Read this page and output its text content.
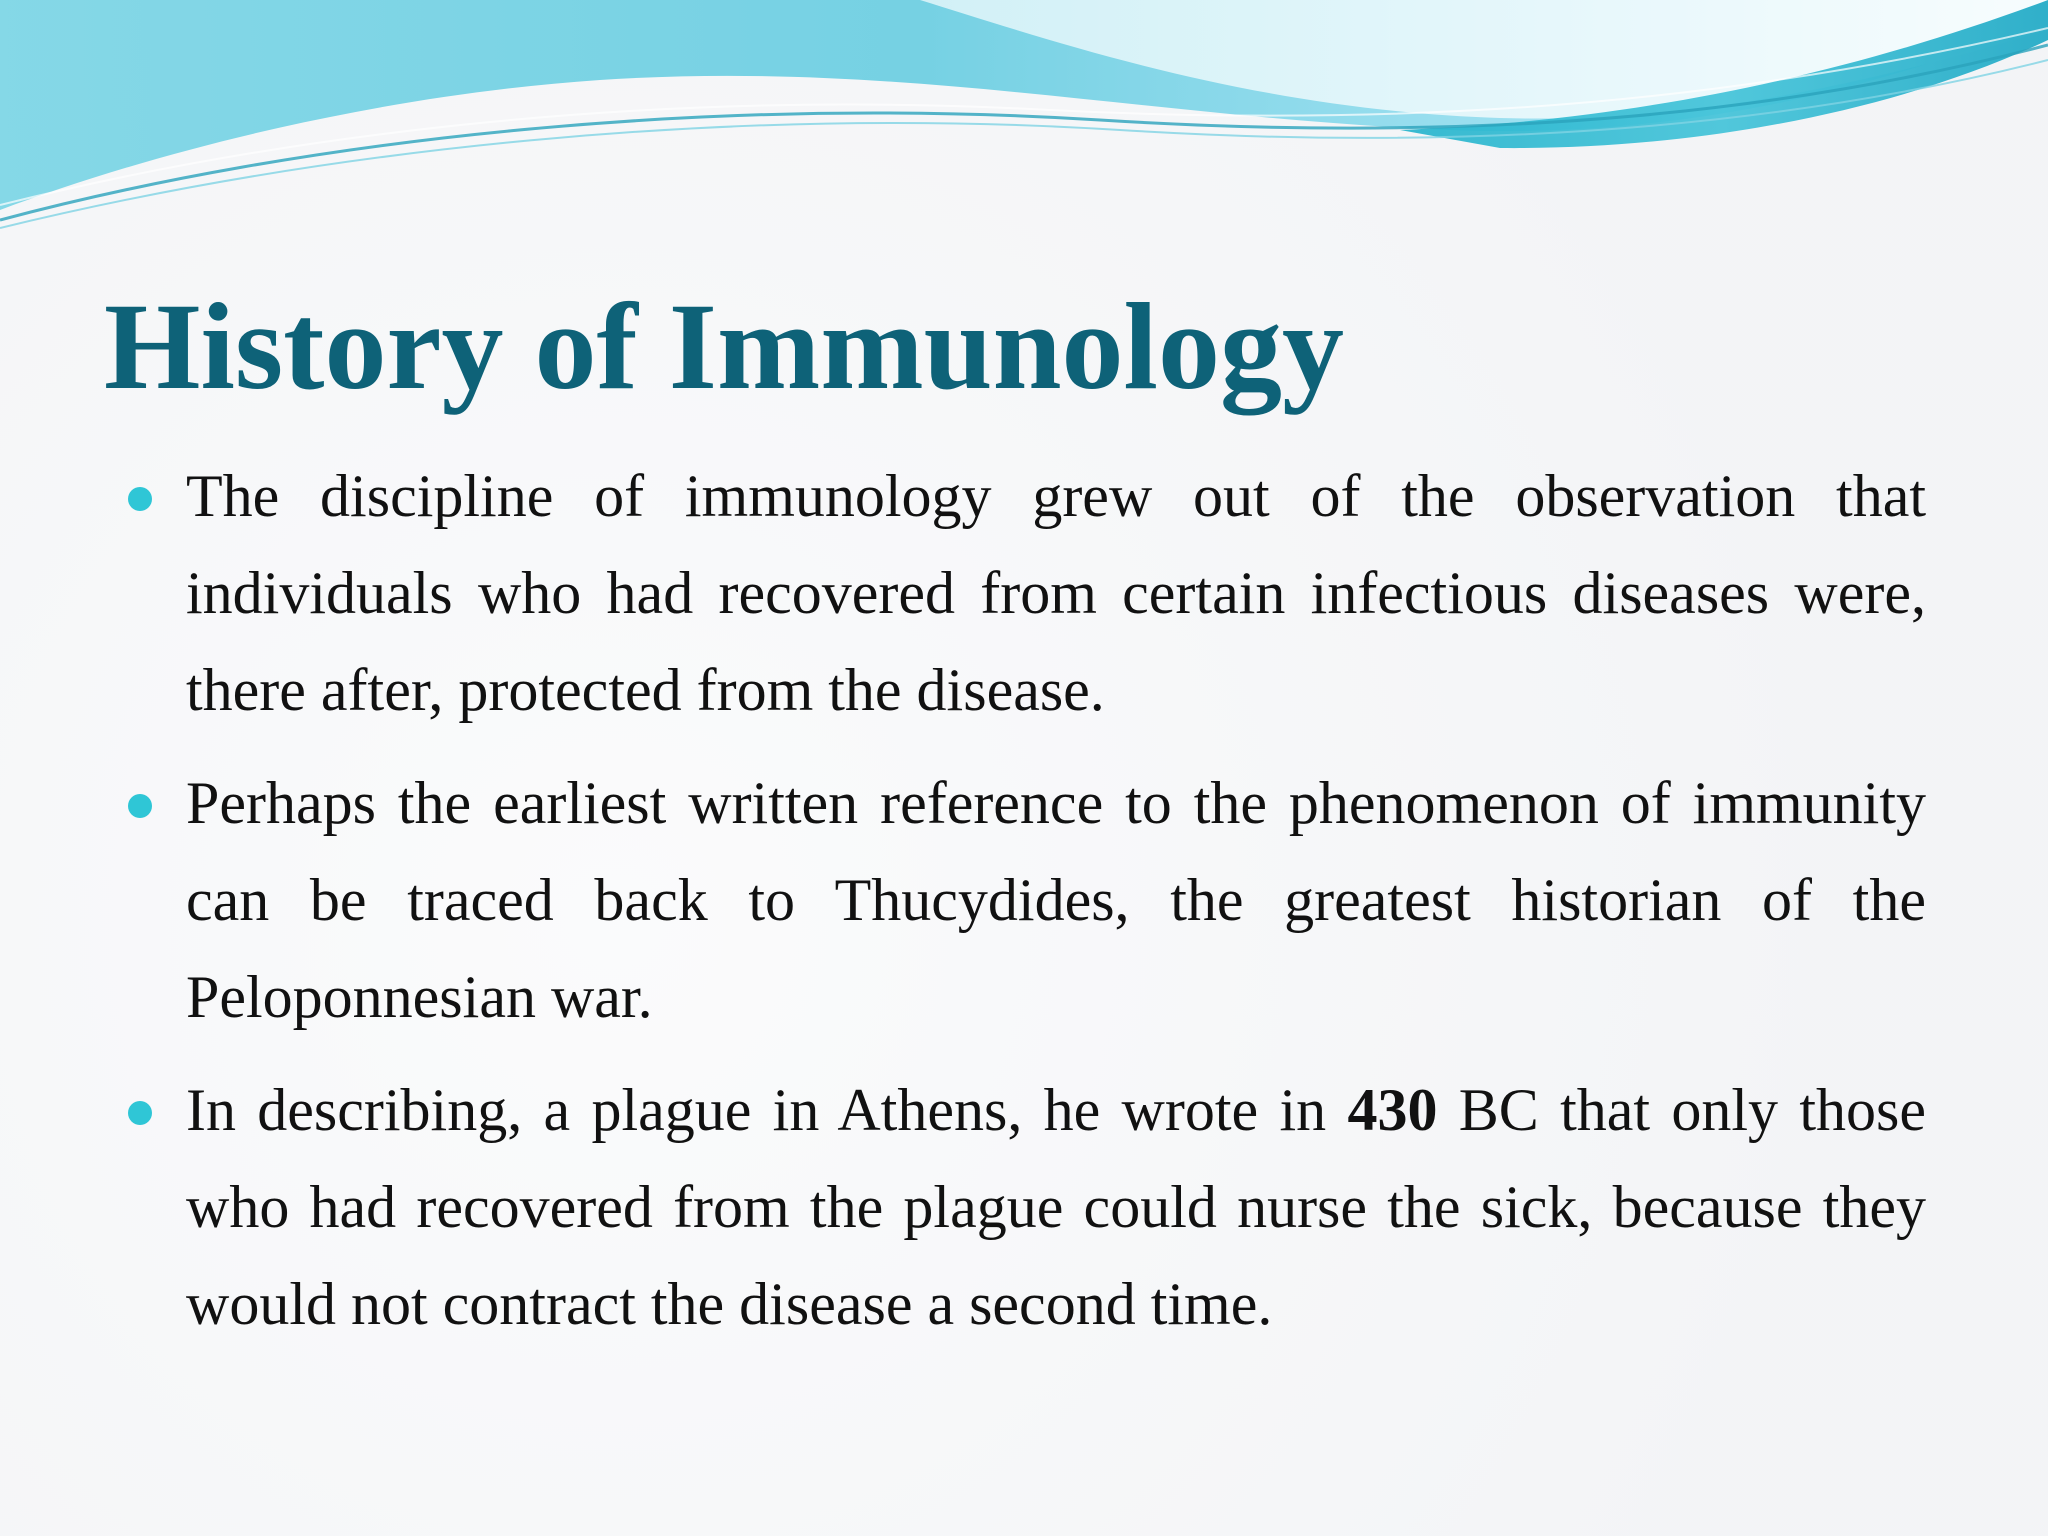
History of Immunology
The discipline of immunology grew out of the observation that individuals who had recovered from certain infectious diseases were, there after, protected from the disease.
Perhaps the earliest written reference to the phenomenon of immunity can be traced back to Thucydides, the greatest historian of the Peloponnesian war.
In describing, a plague in Athens, he wrote in 430 BC that only those who had recovered from the plague could nurse the sick, because they would not contract the disease a second time.
